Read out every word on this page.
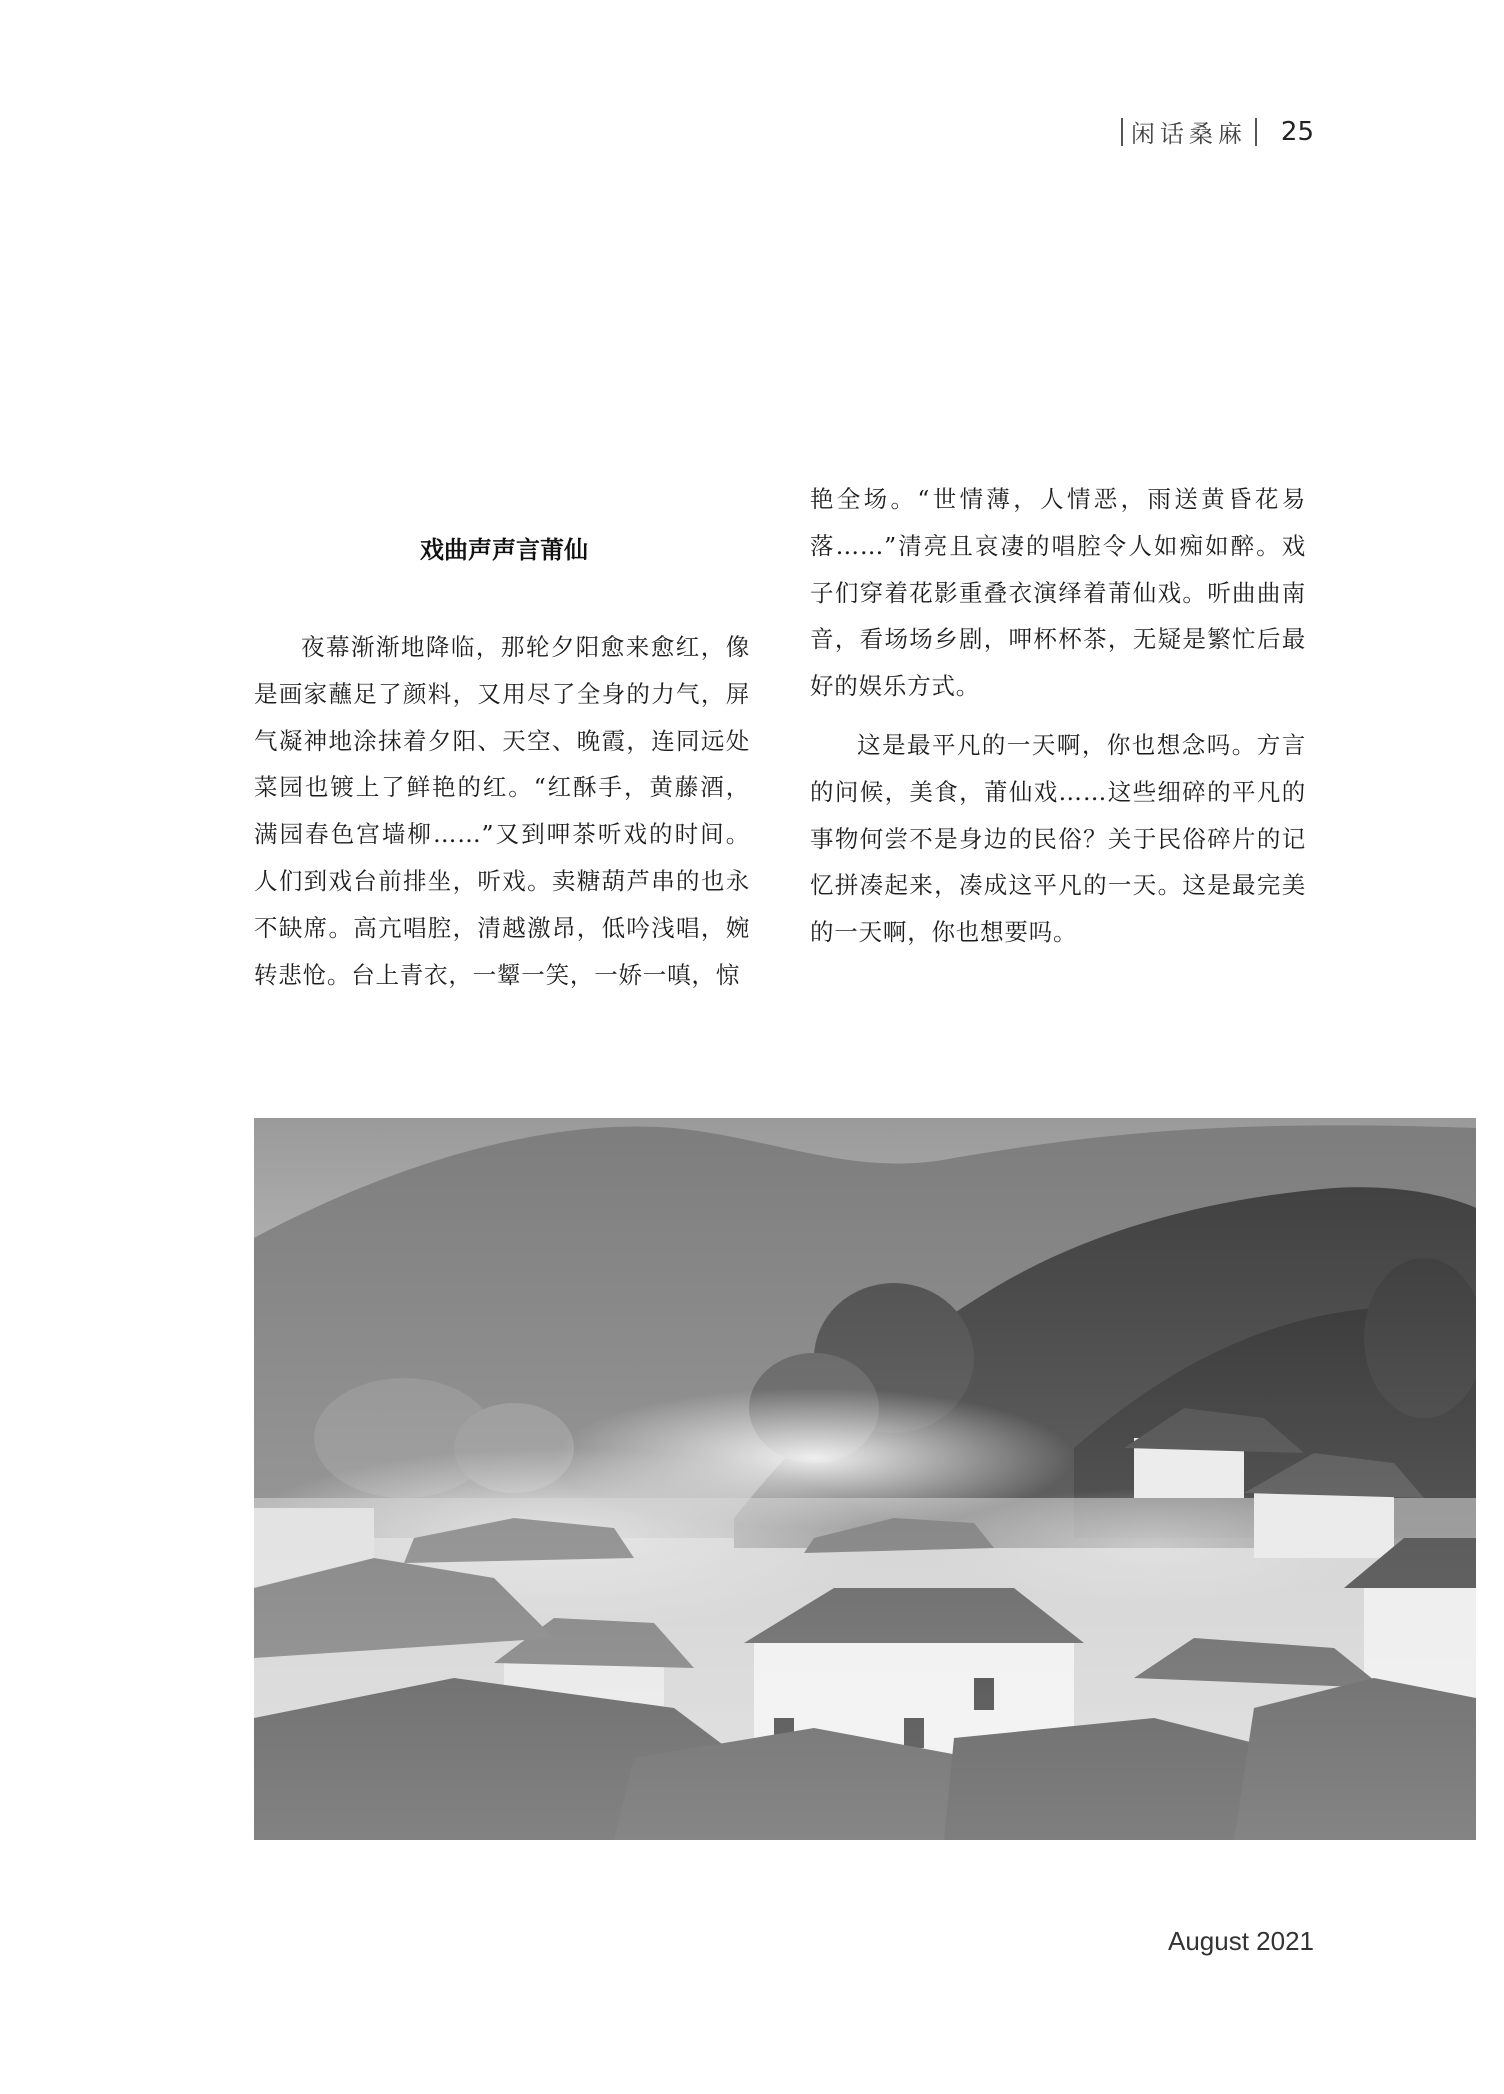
闲话桑麻 25
戏曲声声言莆仙

夜幕渐渐地降临，那轮夕阳愈来愈红，像是画家蘸足了颜料，又用尽了全身的力气，屏气凝神地涂抹着夕阳、天空、晚霞，连同远处菜园也镀上了鲜艳的红。“红酥手，黄藤酒，满园春色宫墙柳……”又到呷茶听戏的时间。人们到戏台前排坐，听戏。卖糖葫芦串的也永不缺席。高亢唱腔，清越激昂，低吟浅唱，婉转悲怆。台上青衣，一颦一笑，一娇一嗔，惊

艳全场。“世情薄，人情恶，雨送黄昏花易落……”清亮且哀凄的唱腔令人如痴如醉。戏子们穿着花影重叠衣演绎着莆仙戏。听曲曲南音，看场场乡剧，呷杯杯茶，无疑是繁忙后最好的娱乐方式。

这是最平凡的一天啊，你也想念吗。方言的问候，美食，莆仙戏……这些细碎的平凡的事物何尝不是身边的民俗？关于民俗碎片的记忆拼凑起来，凑成这平凡的一天。这是最完美的一天啊，你也想要吗。

August 2021
